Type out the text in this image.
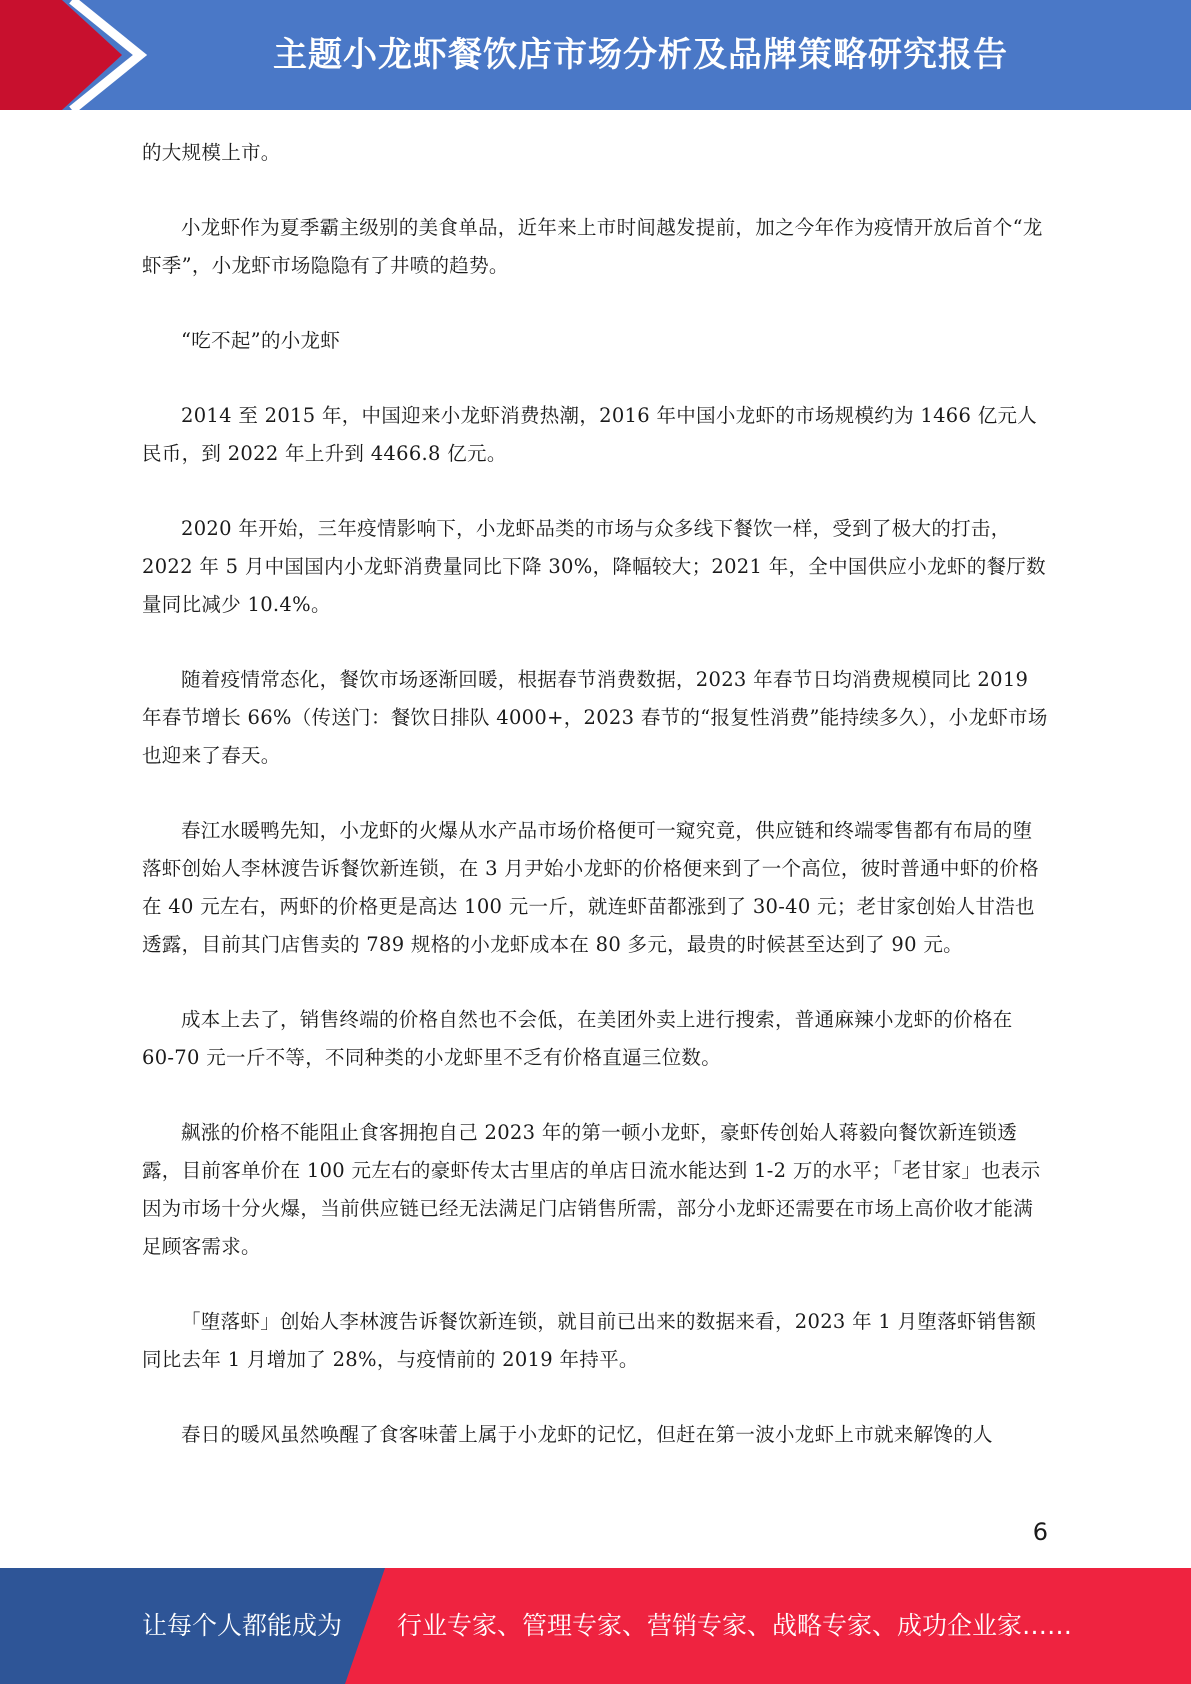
主题小龙虾餐饮店市场分析及品牌策略研究报告

的大规模上市。

小龙虾作为夏季霸主级别的美食单品，近年来上市时间越发提前，加之今年作为疫情开放后首个“龙虾季”，小龙虾市场隐隐有了井喷的趋势。

“吃不起”的小龙虾

2014 至 2015 年，中国迎来小龙虾消费热潮，2016 年中国小龙虾的市场规模约为 1466 亿元人民币，到 2022 年上升到 4466.8 亿元。

2020 年开始，三年疫情影响下，小龙虾品类的市场与众多线下餐饮一样，受到了极大的打击，2022 年 5 月中国国内小龙虾消费量同比下降 30%，降幅较大；2021 年，全中国供应小龙虾的餐厅数量同比减少 10.4%。

随着疫情常态化，餐饮市场逐渐回暖，根据春节消费数据，2023 年春节日均消费规模同比 2019 年春节增长 66%（传送门：餐饮日排队 4000+，2023 春节的“报复性消费”能持续多久），小龙虾市场也迎来了春天。

春江水暖鸭先知，小龙虾的火爆从水产品市场价格便可一窥究竟，供应链和终端零售都有布局的堕落虾创始人李林渡告诉餐饮新连锁，在 3 月尹始小龙虾的价格便来到了一个高位，彼时普通中虾的价格在 40 元左右，两虾的价格更是高达 100 元一斤，就连虾苗都涨到了 30-40 元；老甘家创始人甘浩也透露，目前其门店售卖的 789 规格的小龙虾成本在 80 多元，最贵的时候甚至达到了 90 元。

成本上去了，销售终端的价格自然也不会低，在美团外卖上进行搜索，普通麻辣小龙虾的价格在 60-70 元一斤不等，不同种类的小龙虾里不乏有价格直逼三位数。

飙涨的价格不能阻止食客拥抱自己 2023 年的第一顿小龙虾，豪虾传创始人蒋毅向餐饮新连锁透露，目前客单价在 100 元左右的豪虾传太古里店的单店日流水能达到 1-2 万的水平；「老甘家」也表示因为市场十分火爆，当前供应链已经无法满足门店销售所需，部分小龙虾还需要在市场上高价收才能满足顾客需求。

「堕落虾」创始人李林渡告诉餐饮新连锁，就目前已出来的数据来看，2023 年 1 月堕落虾销售额同比去年 1 月增加了 28%，与疫情前的 2019 年持平。

春日的暖风虽然唤醒了食客味蕾上属于小龙虾的记忆，但赶在第一波小龙虾上市就来解馋的人

6
让每个人都能成为 行业专家、管理专家、营销专家、战略专家、成功企业家……
